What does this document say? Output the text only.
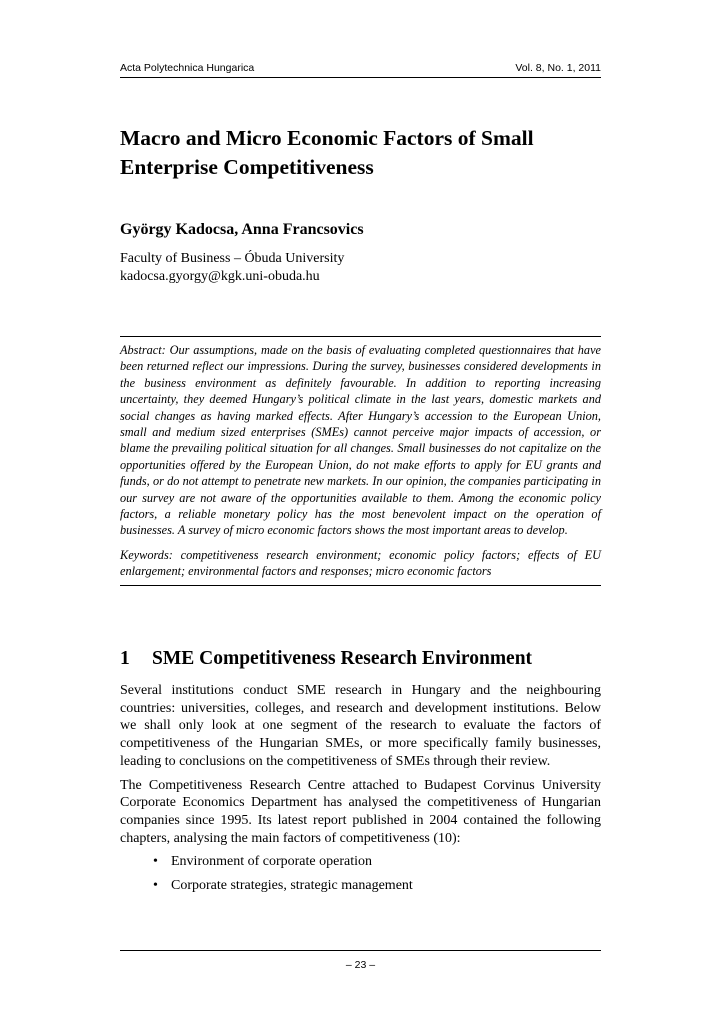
Acta Polytechnica Hungarica	Vol. 8, No. 1, 2011
Macro and Micro Economic Factors of Small
Enterprise Competitiveness
György Kadocsa, Anna Francsovics
Faculty of Business – Óbuda University
kadocsa.gyorgy@kgk.uni-obuda.hu

Abstract: Our assumptions, made on the basis of evaluating completed questionnaires that have been returned reflect our impressions. During the survey, businesses considered developments in the business environment as definitely favourable. In addition to reporting increasing uncertainty, they deemed Hungary’s political climate in the last years, domestic markets and social changes as having marked effects. After Hungary’s accession to the European Union, small and medium sized enterprises (SMEs) cannot perceive major impacts of accession, or blame the prevailing political situation for all changes. Small businesses do not capitalize on the opportunities offered by the European Union, do not make efforts to apply for EU grants and funds, or do not attempt to penetrate new markets. In our opinion, the companies participating in our survey are not aware of the opportunities available to them. Among the economic policy factors, a reliable monetary policy has the most benevolent impact on the operation of businesses. A survey of micro economic factors shows the most important areas to develop.

Keywords: competitiveness research environment; economic policy factors; effects of EU enlargement; environmental factors and responses; micro economic factors

1 SME Competitiveness Research Environment

Several institutions conduct SME research in Hungary and the neighbouring countries: universities, colleges, and research and development institutions. Below we shall only look at one segment of the research to evaluate the factors of competitiveness of the Hungarian SMEs, or more specifically family businesses, leading to conclusions on the competitiveness of SMEs through their review.

The Competitiveness Research Centre attached to Budapest Corvinus University Corporate Economics Department has analysed the competitiveness of Hungarian companies since 1995. Its latest report published in 2004 contained the following chapters, analysing the main factors of competitiveness (10):

• Environment of corporate operation
• Corporate strategies, strategic management
– 23 –
